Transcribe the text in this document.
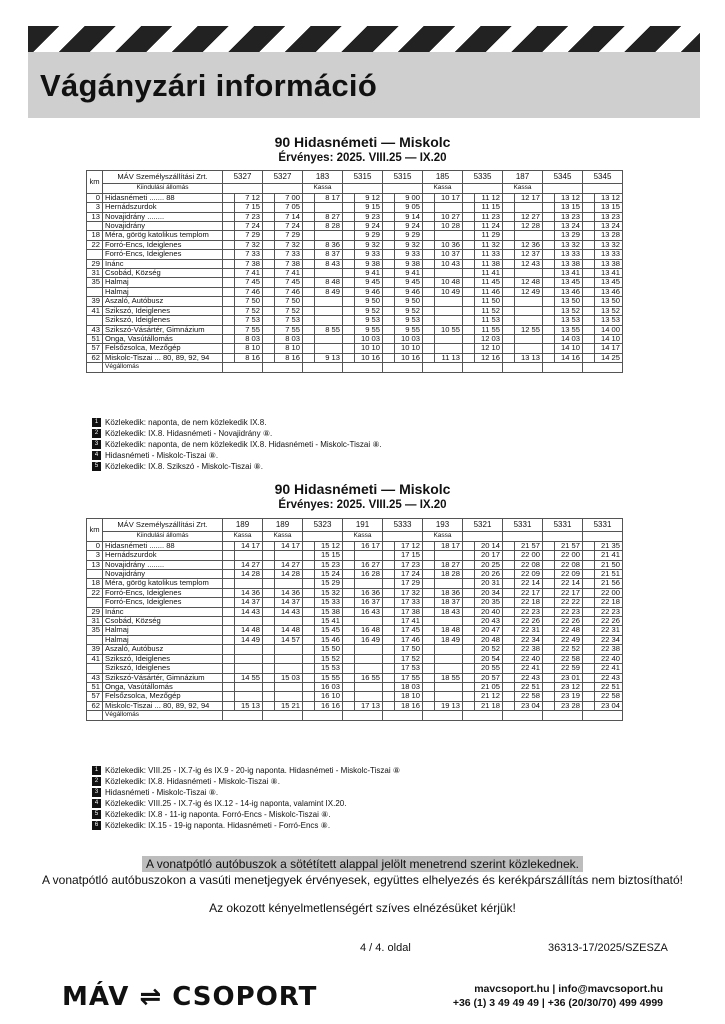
Vágányzári információ
90 Hidasnémeti — Miskolc
Érvényes: 2025. VIII.25 — IX.20
km	MÁV Személyszállítási Zrt.	5327		5327		183		5315		5315		185		5335		187		5345		5345	

	Kiindulási állomás					Kassa						Kassa				Kassa					
0	Hidasnémeti ....... 88		7 12		7 00		8 17		9 12		9 00		10 17		11 12		12 17		13 12		13 12
3	Hernádszurdok		7 15		7 05				9 15		9 05				11 15				13 15		13 15
13	Novajidrány ........		7 23		7 14		8 27		9 23		9 14		10 27		11 23		12 27		13 23		13 23
	Novajidrány		7 24		7 24		8 28		9 24		9 24		10 28		11 24		12 28		13 24		13 24
18	Méra, görög katolikus templom		7 29		7 29				9 29		9 29				11 29				13 29		13 28
22	Forró-Encs, Ideiglenes		7 32		7 32		8 36		9 32		9 32		10 36		11 32		12 36		13 32		13 32
	Forró-Encs, Ideiglenes		7 33		7 33		8 37		9 33		9 33		10 37		11 33		12 37		13 33		13 33
29	Inánc		7 38		7 38		8 43		9 38		9 38		10 43		11 38		12 43		13 38		13 38
31	Csobád, Község		7 41		7 41				9 41		9 41				11 41				13 41		13 41
35	Halmaj		7 45		7 45		8 48		9 45		9 45		10 48		11 45		12 48		13 45		13 45
	Halmaj		7 46		7 46		8 49		9 46		9 46		10 49		11 46		12 49		13 46		13 46
39	Aszaló, Autóbusz		7 50		7 50				9 50		9 50				11 50				13 50		13 50
41	Szikszó, Ideiglenes		7 52		7 52				9 52		9 52				11 52				13 52		13 52
	Szikszó, Ideiglenes		7 53		7 53				9 53		9 53				11 53				13 53		13 53
43	Szikszó-Vásártér, Gimnázium		7 55		7 55		8 55		9 55		9 55		10 55		11 55		12 55		13 55		14 00
51	Onga, Vasútállomás		8 03		8 03				10 03		10 03				12 03				14 03		14 10
57	Felsőzsolca, Mezőgép		8 10		8 10				10 10		10 10				12 10				14 10		14 17
62	Miskolc-Tiszai ... 80, 89, 92, 94		8 16		8 16		9 13		10 16		10 16		11 13		12 16		13 13		14 16		14 25
	Végállomás																				
1 Közlekedik: naponta, de nem közlekedik IX.8.
2 Közlekedik: IX.8. Hidasnémeti - Novajidrány ⑧.
3 Közlekedik: naponta, de nem közlekedik IX.8. Hidasnémeti - Miskolc-Tiszai ⑧.
4 Hidasnémeti - Miskolc-Tiszai ⑧.
5 Közlekedik: IX.8. Szikszó - Miskolc-Tiszai ⑧.
90 Hidasnémeti — Miskolc
Érvényes: 2025. VIII.25 — IX.20
km	MÁV Személyszállítási Zrt.	189		189		5323		191		5333		193		5321		5331		5331		5331	

	Kiindulási állomás	Kassa		Kassa				Kassa				Kassa									
0	Hidasnémeti ....... 88		14 17		14 17		15 12		16 17		17 12		18 17		20 14		21 57		21 57		21 35
3	Hernádszurdok						15 15				17 15				20 17		22 00		22 00		21 41
13	Novajidrány ........		14 27		14 27		15 23		16 27		17 23		18 27		20 25		22 08		22 08		21 50
	Novajidrány		14 28		14 28		15 24		16 28		17 24		18 28		20 26		22 09		22 09		21 51
18	Méra, görög katolikus templom						15 29				17 29				20 31		22 14		22 14		21 56
22	Forró-Encs, Ideiglenes		14 36		14 36		15 32		16 36		17 32		18 36		20 34		22 17		22 17		22 00
	Forró-Encs, Ideiglenes		14 37		14 37		15 33		16 37		17 33		18 37		20 35		22 18		22 22		22 18
29	Inánc		14 43		14 43		15 38		16 43		17 38		18 43		20 40		22 23		22 23		22 23
31	Csobád, Község						15 41				17 41				20 43		22 26		22 26		22 26
35	Halmaj		14 48		14 48		15 45		16 48		17 45		18 48		20 47		22 31		22 48		22 31
	Halmaj		14 49		14 57		15 46		16 49		17 46		18 49		20 48		22 34		22 49		22 34
39	Aszaló, Autóbusz						15 50				17 50				20 52		22 38		22 52		22 38
41	Szikszó, Ideiglenes						15 52				17 52				20 54		22 40		22 58		22 40
	Szikszó, Ideiglenes						15 53				17 53				20 55		22 41		22 59		22 41
43	Szikszó-Vásártér, Gimnázium		14 55		15 03		15 55		16 55		17 55		18 55		20 57		22 43		23 01		22 43
51	Onga, Vasútállomás						16 03				18 03				21 05		22 51		23 12		22 51
57	Felsőzsolca, Mezőgép						16 10				18 10				21 12		22 58		23 19		22 58
62	Miskolc-Tiszai ... 80, 89, 92, 94		15 13		15 21		16 16		17 13		18 16		19 13		21 18		23 04		23 28		23 04
	Végállomás																				
1 Közlekedik: VIII.25 - IX.7-ig és IX.9 - 20-ig naponta. Hidasnémeti - Miskolc-Tiszai ⑧
2 Közlekedik: IX.8. Hidasnémeti - Miskolc-Tiszai ⑧.
3 Hidasnémeti - Miskolc-Tiszai ⑧.
4 Közlekedik: VIII.25 - IX.7-ig és IX.12 - 14-ig naponta, valamint IX.20.
5 Közlekedik: IX.8 - 11-ig naponta. Forró-Encs - Miskolc-Tiszai ⑧.
6 Közlekedik: IX.15 - 19-ig naponta. Hidasnémeti - Forró-Encs ⑧.
A vonatpótló autóbuszok a sötétített alappal jelölt menetrend szerint közlekednek.
A vonatpótló autóbuszokon a vasúti menetjegyek érvényesek, együttes elhelyezés és kerékpárszállítás nem biztosítható!
Az okozott kényelmetlenségért szíves elnézésüket kérjük!
4 / 4. oldal	36313-17/2025/SZESZA
MÁV ⇌ CSOPORT	mavcsoport.hu | info@mavcsoport.hu
+36 (1) 3 49 49 49 | +36 (20/30/70) 499 4999
